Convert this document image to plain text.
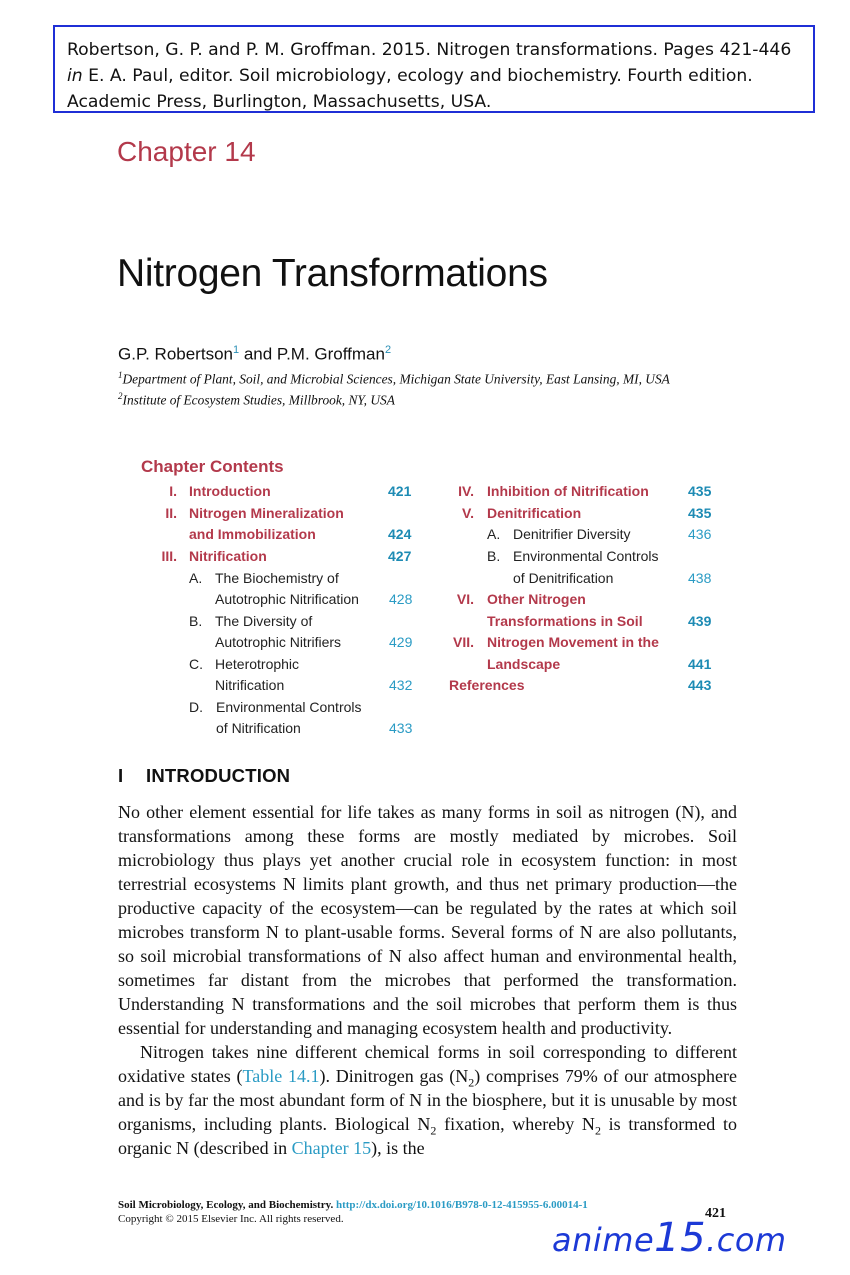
Robertson, G. P. and P. M. Groffman. 2015. Nitrogen transformations. Pages 421-446
in E. A. Paul, editor. Soil microbiology, ecology and biochemistry. Fourth edition.
Academic Press, Burlington, Massachusetts, USA.
Chapter 14
Nitrogen Transformations
G.P. Robertson$^1$ and P.M. Groffman$^2$
$^1$Department of Plant, Soil, and Microbial Sciences, Michigan State University, East Lansing, MI, USA
$^2$Institute of Ecosystem Studies, Millbrook, NY, USA
Chapter Contents
I. Introduction	421
II. Nitrogen Mineralization
and Immobilization	424
III. Nitrification	427
A. The Biochemistry of
Autotrophic Nitrification 428
B. The Diversity of
Autotrophic Nitrifiers	429
C. Heterotrophic
Nitrification	432
D. Environmental Controls
of Nitrification	433
IV. Inhibition of Nitrification	435
V. Denitrification	435
A. Denitrifier Diversity	436
B. Environmental Controls
of Denitrification	438
VI. Other Nitrogen
Transformations in Soil	439
VII. Nitrogen Movement in the
Landscape	441
References	443
I INTRODUCTION

No other element essential for life takes as many forms in soil as nitrogen (N), and transformations among these forms are mostly mediated by microbes. Soil microbiology thus plays yet another crucial role in ecosystem function: in most terrestrial ecosystems N limits plant growth, and thus net primary production—the productive capacity of the ecosystem—can be regulated by the rates at which soil microbes transform N to plant-usable forms. Several forms of N are also pollutants, so soil microbial transformations of N also affect human and environmental health, sometimes far distant from the microbes that performed the transformation. Understanding N transformations and the soil microbes that perform them is thus essential for understanding and managing ecosystem health and productivity.

Nitrogen takes nine different chemical forms in soil corresponding to different oxidative states (Table 14.1). Dinitrogen gas $(N_2)$ comprises 79% of our atmosphere and is by far the most abundant form of N in the biosphere, but it is unusable by most organisms, including plants. Biological $N_2$ fixation, whereby $N_2$ is transformed to organic N (described in Chapter 15), is the

Soil Microbiology, Ecology, and Biochemistry. http://dx.doi.org/10.1016/B978-0-12-415955-6.00014-1
Copyright © 2015 Elsevier Inc. All rights reserved.	421
anime15.com
